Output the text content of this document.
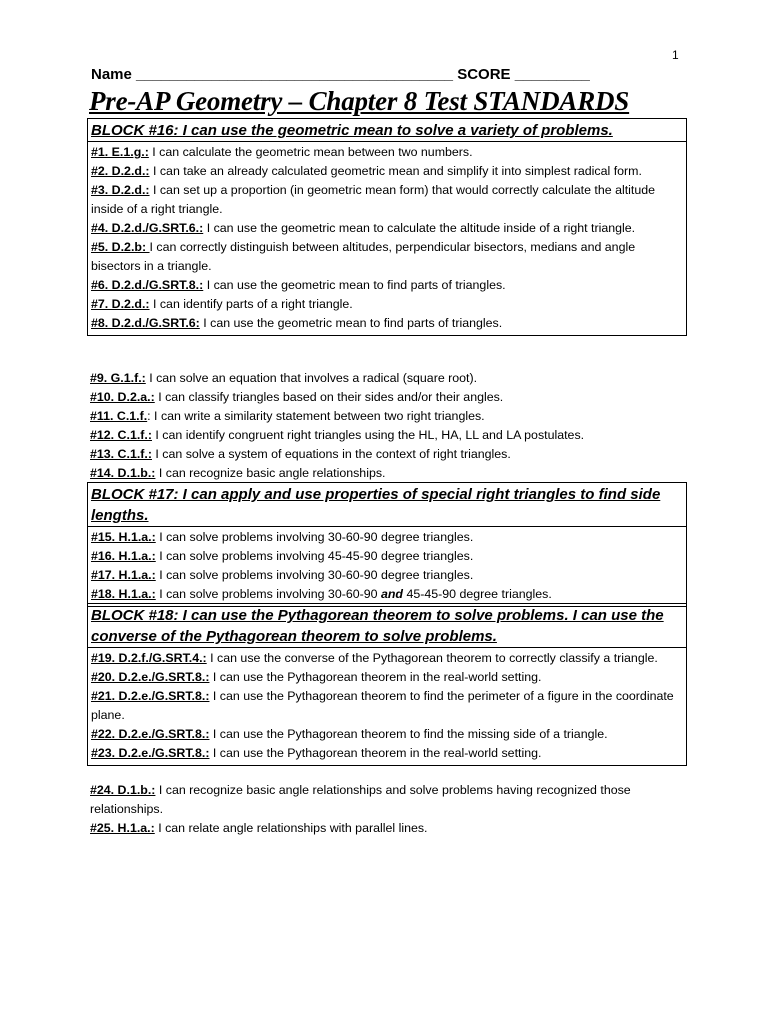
1
Name ______________________________________ SCORE _________
Pre-AP Geometry – Chapter 8 Test STANDARDS
BLOCK #16: I can use the geometric mean to solve a variety of problems.
#1. E.1.g.: I can calculate the geometric mean between two numbers.
#2. D.2.d.: I can take an already calculated geometric mean and simplify it into simplest radical form.
#3. D.2.d.: I can set up a proportion (in geometric mean form) that would correctly calculate the altitude inside of a right triangle.
#4. D.2.d./G.SRT.6.: I can use the geometric mean to calculate the altitude inside of a right triangle.
#5. D.2.b: I can correctly distinguish between altitudes, perpendicular bisectors, medians and angle bisectors in a triangle.
#6. D.2.d./G.SRT.8.: I can use the geometric mean to find parts of triangles.
#7. D.2.d.: I can identify parts of a right triangle.
#8. D.2.d./G.SRT.6: I can use the geometric mean to find parts of triangles.
#9. G.1.f.: I can solve an equation that involves a radical (square root).
#10. D.2.a.: I can classify triangles based on their sides and/or their angles.
#11. C.1.f.: I can write a similarity statement between two right triangles.
#12. C.1.f.: I can identify congruent right triangles using the HL, HA, LL and LA postulates.
#13. C.1.f.: I can solve a system of equations in the context of right triangles.
#14. D.1.b.: I can recognize basic angle relationships.
BLOCK #17: I can apply and use properties of special right triangles to find side lengths.
#15. H.1.a.: I can solve problems involving 30-60-90 degree triangles.
#16. H.1.a.: I can solve problems involving 45-45-90 degree triangles.
#17. H.1.a.: I can solve problems involving 30-60-90 degree triangles.
#18. H.1.a.: I can solve problems involving 30-60-90 and 45-45-90 degree triangles.
BLOCK #18: I can use the Pythagorean theorem to solve problems. I can use the converse of the Pythagorean theorem to solve problems.
#19. D.2.f./G.SRT.4.: I can use the converse of the Pythagorean theorem to correctly classify a triangle.
#20. D.2.e./G.SRT.8.: I can use the Pythagorean theorem in the real-world setting.
#21. D.2.e./G.SRT.8.: I can use the Pythagorean theorem to find the perimeter of a figure in the coordinate plane.
#22. D.2.e./G.SRT.8.: I can use the Pythagorean theorem to find the missing side of a triangle.
#23. D.2.e./G.SRT.8.: I can use the Pythagorean theorem in the real-world setting.
#24. D.1.b.: I can recognize basic angle relationships and solve problems having recognized those relationships.
#25. H.1.a.: I can relate angle relationships with parallel lines.
